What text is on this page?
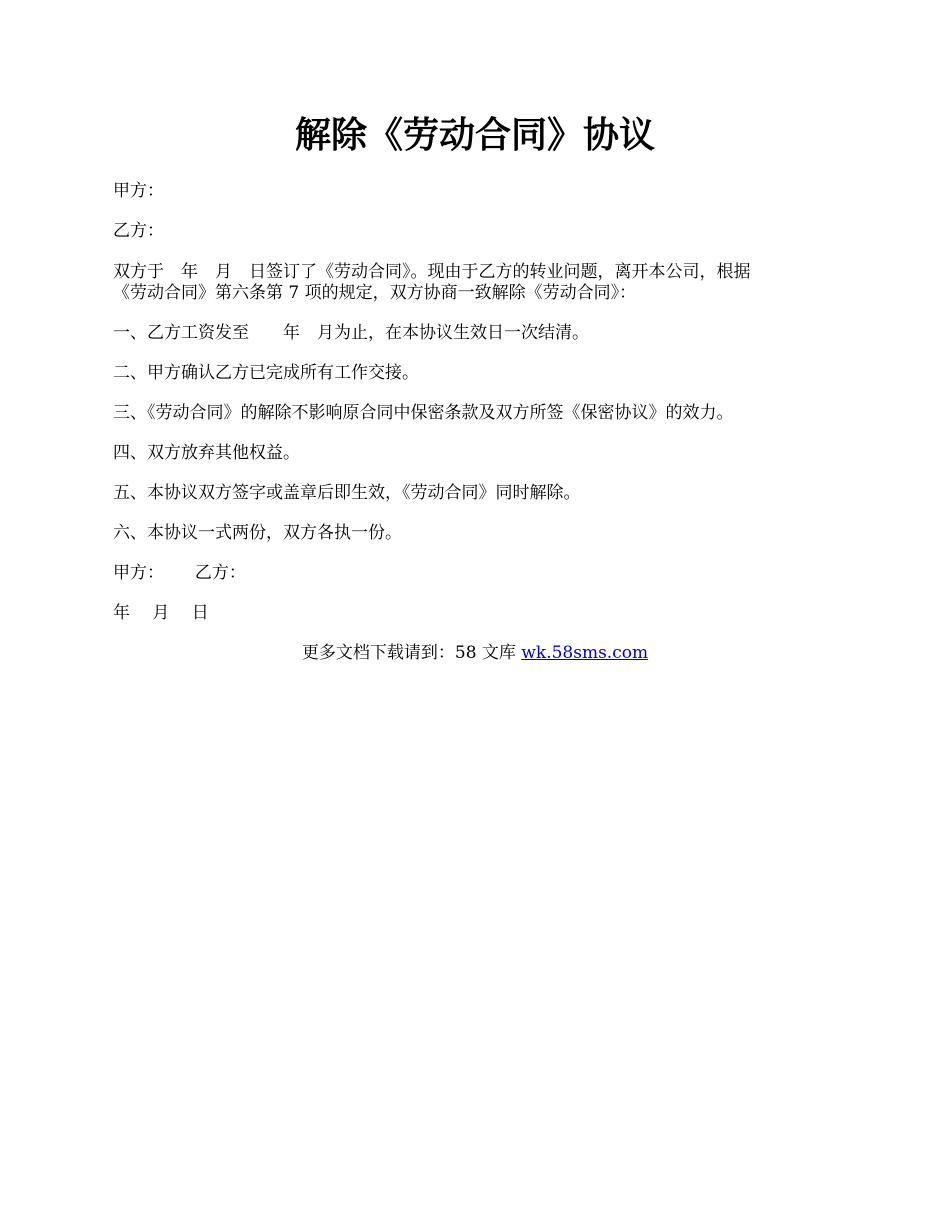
解除《劳动合同》协议
甲方：
乙方：
双方于　年　月　日签订了《劳动合同》。现由于乙方的转业问题，离开本公司，根据
《劳动合同》第六条第 7 项的规定，双方协商一致解除《劳动合同》：
一、乙方工资发至　　年　月为止，在本协议生效日一次结清。
二、甲方确认乙方已完成所有工作交接。
三、《劳动合同》的解除不影响原合同中保密条款及双方所签《保密协议》的效力。
四、双方放弃其他权益。
五、本协议双方签字或盖章后即生效，《劳动合同》同时解除。
六、本协议一式两份，双方各执一份。
甲方：　　 乙方：
年　 月　 日
更多文档下载请到：58 文库 wk.58sms.com
